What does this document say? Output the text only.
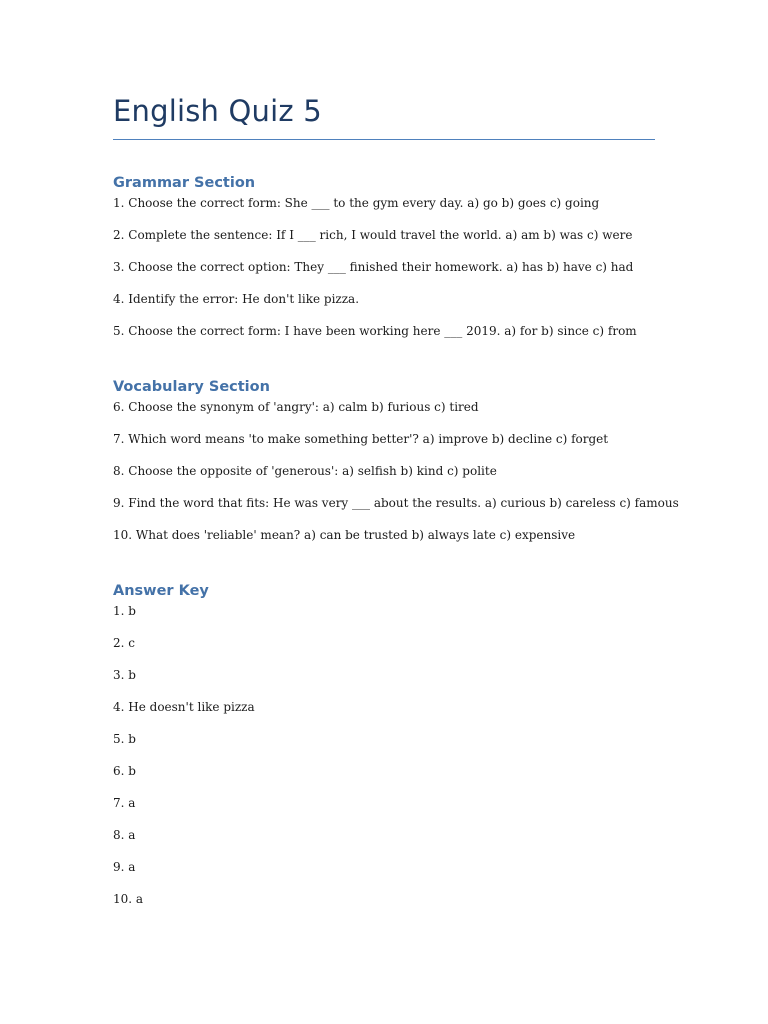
English Quiz 5
Grammar Section
1. Choose the correct form: She ___ to the gym every day. a) go b) goes c) going
2. Complete the sentence: If I ___ rich, I would travel the world. a) am b) was c) were
3. Choose the correct option: They ___ finished their homework. a) has b) have c) had
4. Identify the error: He don't like pizza.
5. Choose the correct form: I have been working here ___ 2019. a) for b) since c) from
Vocabulary Section
6. Choose the synonym of 'angry': a) calm b) furious c) tired
7. Which word means 'to make something better'? a) improve b) decline c) forget
8. Choose the opposite of 'generous': a) selfish b) kind c) polite
9. Find the word that fits: He was very ___ about the results. a) curious b) careless c) famous
10. What does 'reliable' mean? a) can be trusted b) always late c) expensive
Answer Key
1. b
2. c
3. b
4. He doesn't like pizza
5. b
6. b
7. a
8. a
9. a
10. a
